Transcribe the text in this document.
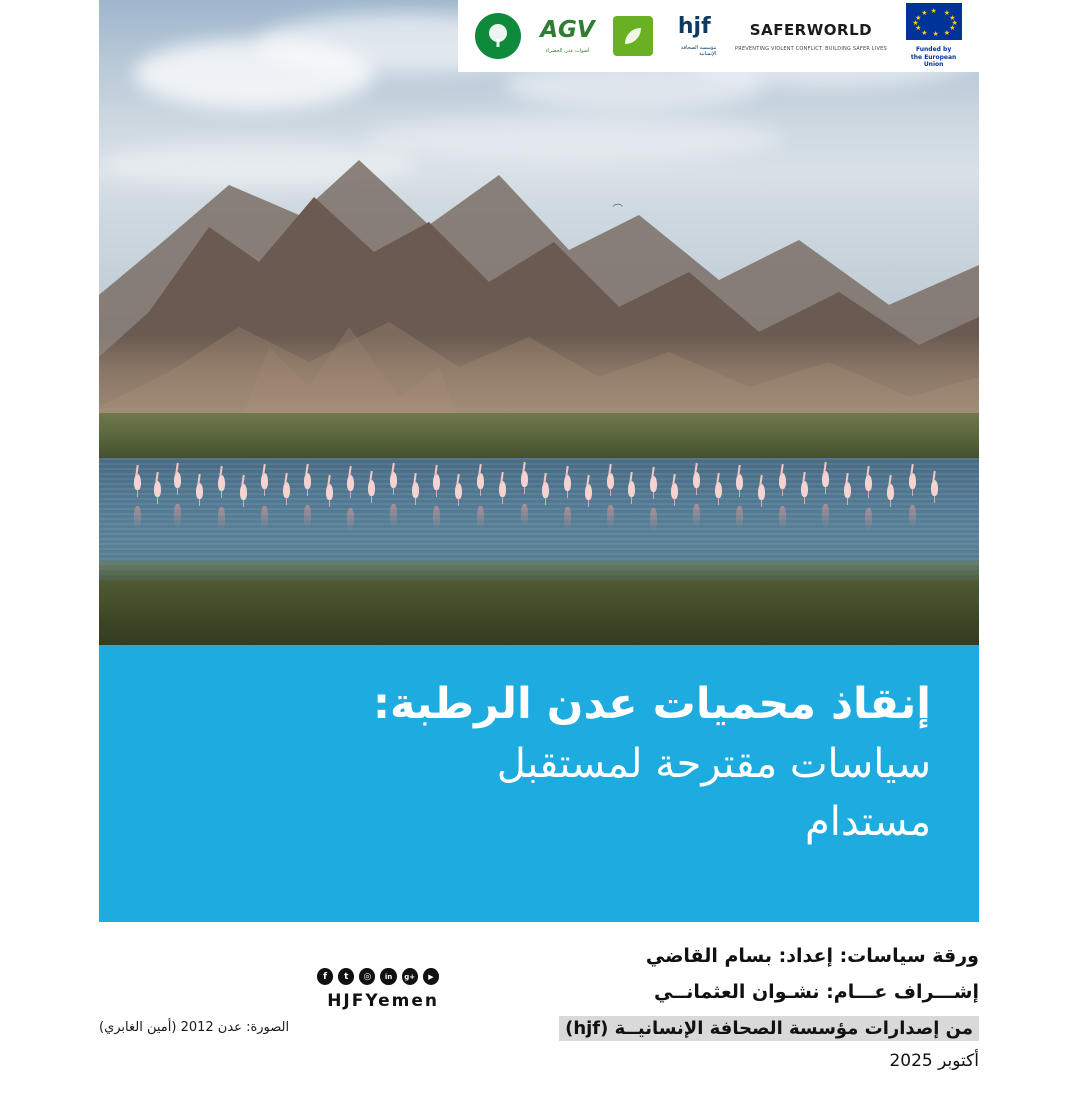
︵
★ ★
★
★
★
★
★
★
★
★
★
★
Funded by
the European Union
SAFERWORLD
PREVENTING VIOLENT CONFLICT. BUILDING SAFER LIVES
hjf
مؤسسة الصحافة الإنسانية
AGV
أصوات عدن الخضراء
إنقاذ محميات عدن الرطبة:
سياسات مقترحة لمستقبل
مستدام
ورقة سياسات: إعداد: بسام القاضي
إشـــراف عـــام: نشـوان العثمانــي
من إصدارات مؤسسة الصحافة الإنسانيــة (hjf)
أكتوبر 2025
f	t	◎	in	g+	▶
HJFYemen
الصورة: عدن 2012 (أمين الغابري)
